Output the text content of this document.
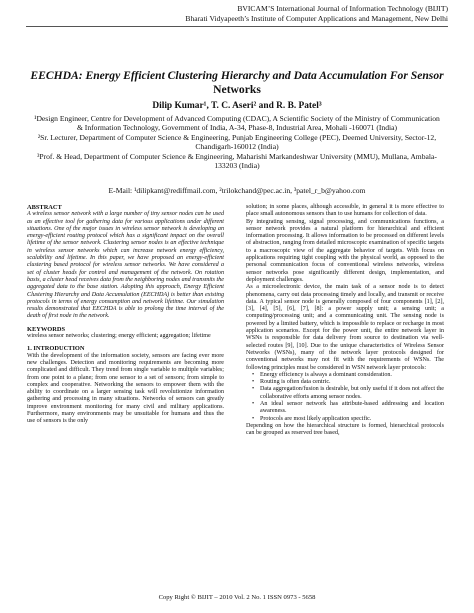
BVICAM’S International Journal of Information Technology (BIJIT)
Bharati Vidyapeeth’s Institute of Computer Applications and Management, New Delhi
EECHDA: Energy Efficient Clustering Hierarchy and Data Accumulation For Sensor
Networks
Dilip Kumar¹, T. C. Aseri² and R. B. Patel³

¹Design Engineer, Centre for Development of Advanced Computing (CDAC), A Scientific Society of the Ministry of Communication & Information Technology, Government of India, A-34, Phase-8, Industrial Area, Mohali -160071 (India)

²Sr. Lecturer, Department of Computer Science & Engineering, Punjab Engineering College (PEC), Deemed University, Sector-12, Chandigarh-160012 (India)

³Prof. & Head, Department of Computer Science & Engineering, Maharishi Markandeshwar University (MMU), Mullana, Ambala-133203 (India)

E-Mail: ¹dilipkant@rediffmail.com, ²trilokchand@pec.ac.in, ³patel_r_b@yahoo.com

ABSTRACT

A wireless sensor network with a large number of tiny sensor nodes can be used as an effective tool for gathering data for various applications under different situations. One of the major issues in wireless sensor network is developing an energy-efficient routing protocol which has a significant impact on the overall lifetime of the sensor network. Clustering sensor nodes is an effective technique in wireless sensor networks which can increase network energy efficiency, scalability and lifetime. In this paper, we have proposed an energy-efficient clustering based protocol for wireless sensor networks. We have considered a set of cluster heads for control and management of the network. On rotation basis, a cluster head receives data from the neighboring nodes and transmits the aggregated data to the base station. Adopting this approach, Energy Efficient Clustering Hierarchy and Data Accumulation (EECHDA) is better than existing protocols in terms of energy consumption and network lifetime. Our simulation results demonstrated that EECHDA is able to prolong the time interval of the death of first node in the network.

KEYWORDS

wireless sensor networks; clustering; energy efficient; aggregation; lifetime

1. INTRODUCTION

With the development of the information society, sensors are facing ever more new challenges. Detection and monitoring requirements are becoming more complicated and difficult. They trend from single variable to multiple variables; from one point to a plane; from one sensor to a set of sensors; from simple to complex and cooperative. Networking the sensors to empower them with the ability to coordinate on a larger sensing task will revolutionize information gathering and processing in many situations. Networks of sensors can greatly improve environment monitoring for many civil and military applications. Furthermore, many environments may be unsuitable for humans and thus the use of sensors is the only

solution; in some places, although accessible, in general it is more effective to place small autonomous sensors than to use humans for collection of data.

By integrating sensing, signal processing, and communications functions, a sensor network provides a natural platform for hierarchical and efficient information processing. It allows information to be processed on different levels of abstraction, ranging from detailed microscopic examination of specific targets to a macroscopic view of the aggregate behavior of targets. With focus on applications requiring tight coupling with the physical world, as opposed to the personal communication focus of conventional wireless networks, wireless sensor networks pose significantly different design, implementation, and deployment challenges.

As a microelectronic device, the main task of a sensor node is to detect phenomena, carry out data processing timely and locally, and transmit or receive data. A typical sensor node is generally composed of four components [1], [2], [3], [4], [5], [6], [7], [8]: a power supply unit; a sensing unit; a computing/processing unit; and a communicating unit. The sensing node is powered by a limited battery, which is impossible to replace or recharge in most application scenarios. Except for the power unit, the entire network layer in WSNs is responsible for data delivery from source to destination via well-selected routes [9], [10]. Due to the unique characteristics of Wireless Sensor Networks (WSNs), many of the network layer protocols designed for conventional networks may not fit with the requirements of WSNs. The following principles must be considered in WSN network layer protocols:

• Energy efficiency is always a dominant consideration.
• Routing is often data centric.
• Data aggregation/fusion is desirable, but only useful if it does not affect the collaborative efforts among sensor nodes.
• An ideal sensor network has attribute-based addressing and location awareness.
• Protocols are most likely application specific.

Depending on how the hierarchical structure is formed, hierarchical protocols can be grouped as reserved tree based,

Copy Right © BIJIT – 2010 Vol. 2 No. 1 ISSN 0973 - 5658
